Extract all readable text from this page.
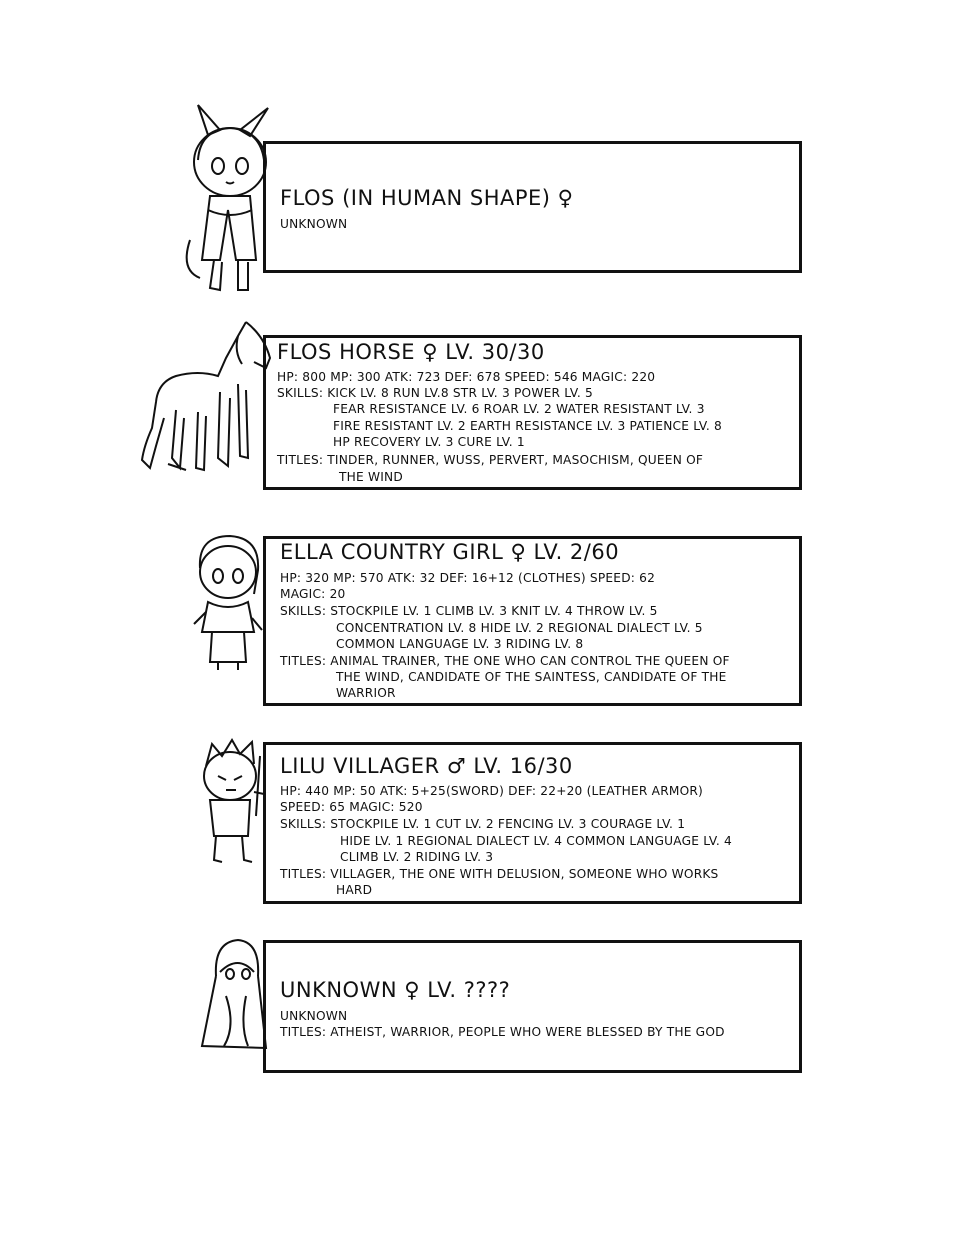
FLOS (IN HUMAN SHAPE) ♀
UNKNOWN
FLOS HORSE ♀ LV. 30/30
HP: 800 MP: 300 ATK: 723 DEF: 678 SPEED: 546 MAGIC: 220
SKILLS: KICK LV. 8 RUN LV.8 STR LV. 3 POWER LV. 5
FEAR RESISTANCE LV. 6 ROAR LV. 2 WATER RESISTANT LV. 3
FIRE RESISTANT LV. 2 EARTH RESISTANCE LV. 3 PATIENCE LV. 8
HP RECOVERY LV. 3 CURE LV. 1
TITLES: TINDER, RUNNER, WUSS, PERVERT, MASOCHISM, QUEEN OF
THE WIND
ELLA COUNTRY GIRL ♀ LV. 2/60
HP: 320 MP: 570 ATK: 32 DEF: 16+12 (CLOTHES) SPEED: 62
MAGIC: 20
SKILLS: STOCKPILE LV. 1 CLIMB LV. 3 KNIT LV. 4 THROW LV. 5
CONCENTRATION LV. 8 HIDE LV. 2 REGIONAL DIALECT LV. 5
COMMON LANGUAGE LV. 3 RIDING LV. 8
TITLES: ANIMAL TRAINER, THE ONE WHO CAN CONTROL THE QUEEN OF
THE WIND, CANDIDATE OF THE SAINTESS, CANDIDATE OF THE
WARRIOR
LILU VILLAGER ♂ LV. 16/30
HP: 440 MP: 50 ATK: 5+25(SWORD) DEF: 22+20 (LEATHER ARMOR)
SPEED: 65 MAGIC: 520
SKILLS: STOCKPILE LV. 1 CUT LV. 2 FENCING LV. 3 COURAGE LV. 1
HIDE LV. 1 REGIONAL DIALECT LV. 4 COMMON LANGUAGE LV. 4
CLIMB LV. 2 RIDING LV. 3
TITLES: VILLAGER, THE ONE WITH DELUSION, SOMEONE WHO WORKS
HARD
UNKNOWN ♀ LV. ????
UNKNOWN
TITLES: ATHEIST, WARRIOR, PEOPLE WHO WERE BLESSED BY THE GOD
